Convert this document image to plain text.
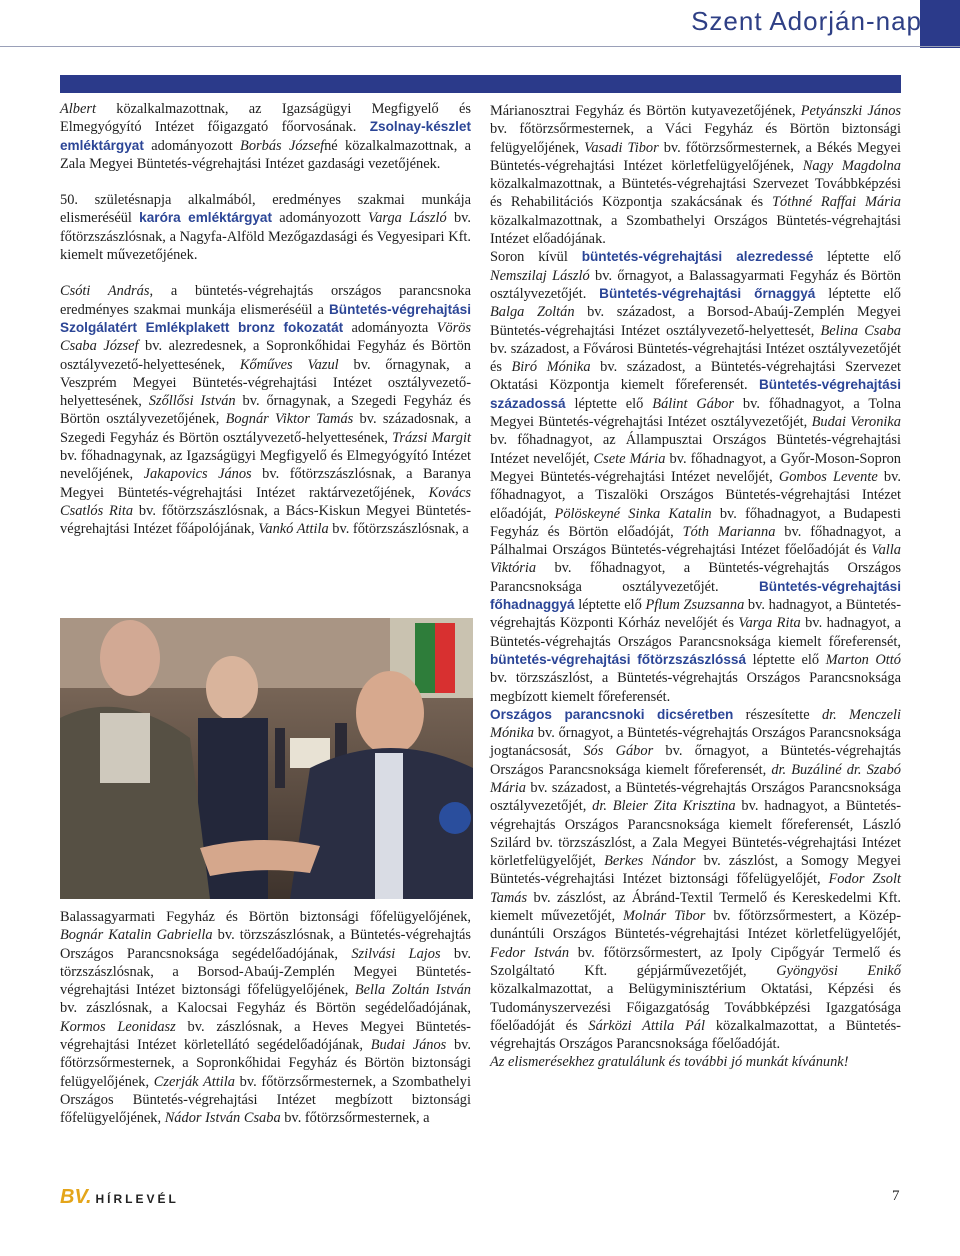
Szent Adorján-nap

Albert közalkalmazottnak, az Igazságügyi Megfigyelő és Elmegyógyító Intézet főigazgató főorvosának. Zsolnay-készlet emléktárgyat adományozott Borbás Józsefné közalkalmazottnak, a Zala Megyei Büntetés-végrehajtási Intézet gazdasági vezetőjének.

50. születésnapja alkalmából, eredményes szakmai munkája elismeréséül karóra emléktárgyat adományozott Varga László bv. főtörzszászlósnak, a Nagyfa-Alföld Mezőgazdasági és Vegyesipari Kft. kiemelt művezetőjének.

Csóti András, a büntetés-végrehajtás országos parancsnoka eredményes szakmai munkája elismeréséül a Büntetés-végrehajtási Szolgálatért Emlékplakett bronz fokozatát adományozta Vörös Csaba József bv. alezredesnek, a Sopronkőhidai Fegyház és Börtön osztályvezető-helyettesének, Kőműves Vazul bv. őrnagynak, a Veszprém Megyei Büntetés-végrehajtási Intézet osztályvezető-helyettesének, Szőllősi István bv. őrnagynak, a Szegedi Fegyház és Börtön osztályvezetőjének, Bognár Viktor Tamás bv. századosnak, a Szegedi Fegyház és Börtön osztályvezető-helyettesének, Trázsi Margit bv. főhadnagynak, az Igazságügyi Megfigyelő és Elmegyógyító Intézet nevelőjének, Jakapovics János bv. főtörzszászlósnak, a Baranya Megyei Büntetés-végrehajtási Intézet raktárvezetőjének, Kovács Csatlós Rita bv. főtörzszászlósnak, a Bács-Kiskun Megyei Büntetés-végrehajtási Intézet főápolójának, Vankó Attila bv. főtörzszászlósnak, a

Balassagyarmati Fegyház és Börtön biztonsági főfelügyelőjének, Bognár Katalin Gabriella bv. törzszászlósnak, a Büntetés-végrehajtás Országos Parancsnoksága segédelőadójának, Szilvási Lajos bv. törzszászlósnak, a Borsod-Abaúj-Zemplén Megyei Büntetés-végrehajtási Intézet biztonsági főfelügyelőjének, Bella Zoltán István bv. zászlósnak, a Kalocsai Fegyház és Börtön segédelőadójának, Kormos Leonidasz bv. zászlósnak, a Heves Megyei Büntetés-végrehajtási Intézet körletellátó segédelőadójának, Budai János bv. főtörzsőrmesternek, a Sopronkőhidai Fegyház és Börtön biztonsági felügyelőjének, Czerják Attila bv. főtörzsőrmesternek, a Szombathelyi Országos Büntetés-végrehajtási Intézet megbízott biztonsági főfelügyelőjének, Nádor István Csaba bv. főtörzsőrmesternek, a

Márianosztrai Fegyház és Börtön kutyavezetőjének, Petyánszki János bv. főtörzsőrmesternek, a Váci Fegyház és Börtön biztonsági felügyelőjének, Vasadi Tibor bv. főtörzsőrmesternek, a Békés Megyei Büntetés-végrehajtási Intézet körletfelügyelőjének, Nagy Magdolna közalkalmazottnak, a Büntetés-végrehajtási Szervezet Továbbképzési és Rehabilitációs Központja szakácsának és Tóthné Raffai Mária közalkalmazottnak, a Szombathelyi Országos Büntetés-végrehajtási Intézet előadójának.

Soron kívül büntetés-végrehajtási alezredessé léptette elő Nemszilaj László bv. őrnagyot, a Balassagyarmati Fegyház és Börtön osztályvezetőjét. Büntetés-végrehajtási őrnaggyá léptette elő Balga Zoltán bv. századost, a Borsod-Abaúj-Zemplén Megyei Büntetés-végrehajtási Intézet osztályvezető-helyettesét, Belina Csaba bv. századost, a Fővárosi Büntetés-végrehajtási Intézet osztályvezetőjét és Biró Mónika bv. századost, a Büntetés-végrehajtási Szervezet Oktatási Központja kiemelt főreferensét. Büntetés-végrehajtási századossá léptette elő Bálint Gábor bv. főhadnagyot, a Tolna Megyei Büntetés-végrehajtási Intézet osztályvezetőjét, Budai Veronika bv. főhadnagyot, az Állampusztai Országos Büntetés-végrehajtási Intézet nevelőjét, Csete Mária bv. főhadnagyot, a Győr-Moson-Sopron Megyei Büntetés-végrehajtási Intézet nevelőjét, Gombos Levente bv. főhadnagyot, a Tiszalöki Országos Büntetés-végrehajtási Intézet előadóját, Pölöskeyné Sinka Katalin bv. főhadnagyot, a Budapesti Fegyház és Börtön előadóját, Tóth Marianna bv. főhadnagyot, a Pálhalmai Országos Büntetés-végrehajtási Intézet főelőadóját és Valla Viktória bv. főhadnagyot, a Büntetés-végrehajtás Országos Parancsnoksága osztályvezetőjét. Büntetés-végrehajtási főhadnaggyá léptette elő Pflum Zsuzsanna bv. hadnagyot, a Büntetés-végrehajtás Központi Kórház nevelőjét és Varga Rita bv. hadnagyot, a Büntetés-végrehajtás Országos Parancsnoksága kiemelt főreferensét, büntetés-végrehajtási főtörzszászlóssá léptette elő Marton Ottó bv. törzszászlóst, a Büntetés-végrehajtás Országos Parancsnoksága megbízott kiemelt főreferensét.

Országos parancsnoki dicséretben részesítette dr. Menczeli Mónika bv. őrnagyot, a Büntetés-végrehajtás Országos Parancsnoksága jogtanácsosát, Sós Gábor bv. őrnagyot, a Büntetés-végrehajtás Országos Parancsnoksága kiemelt főreferensét, dr. Buzáliné dr. Szabó Mária bv. századost, a Büntetés-végrehajtás Országos Parancsnoksága osztályvezetőjét, dr. Bleier Zita Krisztina bv. hadnagyot, a Büntetés-végrehajtás Országos Parancsnoksága kiemelt főreferensét, László Szilárd bv. törzszászlóst, a Zala Megyei Büntetés-végrehajtási Intézet körletfelügyelőjét, Berkes Nándor bv. zászlóst, a Somogy Megyei Büntetés-végrehajtási Intézet biztonsági főfelügyelőjét, Fodor Zsolt Tamás bv. zászlóst, az Ábránd-Textil Termelő és Kereskedelmi Kft. kiemelt művezetőjét, Molnár Tibor bv. főtörzsőrmestert, a Közép-dunántúli Országos Büntetés-végrehajtási Intézet körletfelügyelőjét, Fedor István bv. főtörzsőrmestert, az Ipoly Cipőgyár Termelő és Szolgáltató Kft. gépjárművezetőjét, Gyöngyösi Enikő közalkalmazottat, a Belügyminisztérium Oktatási, Képzési és Tudományszervezési Főigazgatóság Továbbképzési Igazgatósága főelőadóját és Sárközi Attila Pál közalkalmazottat, a Büntetés-végrehajtás Országos Parancsnoksága főelőadóját.

Az elismerésekhez gratulálunk és további jó munkát kívánunk!

BV. HÍRLEVÉL	7
